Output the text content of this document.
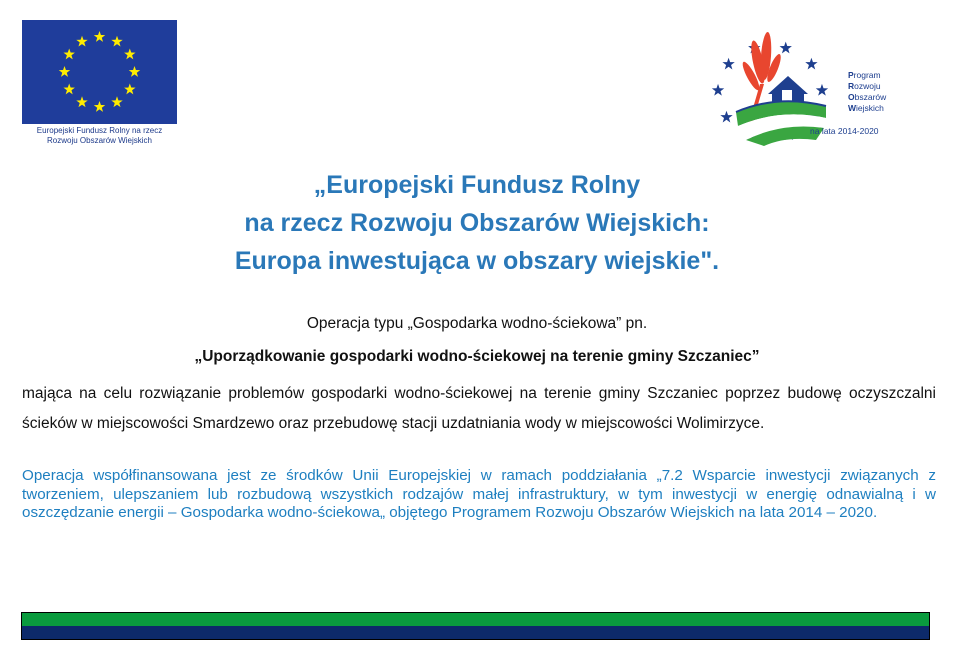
Europejski Fundusz Rolny na rzecz
Rozwoju Obszarów Wiejskich
Program
Rozwoju
Obszarów
Wiejskich
na lata 2014-2020
„Europejski Fundusz Rolny
na rzecz Rozwoju Obszarów Wiejskich:
Europa inwestująca w obszary wiejskie".
Operacja typu „Gospodarka wodno-ściekowa” pn.
„Uporządkowanie gospodarki wodno-ściekowej na terenie gminy Szczaniec”
mająca na celu rozwiązanie problemów gospodarki wodno-ściekowej na terenie gminy Szczaniec poprzez budowę oczyszczalni ścieków w miejscowości Smardzewo oraz przebudowę stacji uzdatniania wody w miejscowości Wolimirzyce.
Operacja współfinansowana jest ze środków Unii Europejskiej w ramach poddziałania „7.2 Wsparcie inwestycji związanych z tworzeniem, ulepszaniem lub rozbudową wszystkich rodzajów małej infrastruktury, w tym inwestycji w energię odnawialną i w oszczędzanie energii – Gospodarka wodno-ściekowa„ objętego Programem Rozwoju Obszarów Wiejskich na lata 2014 – 2020.
